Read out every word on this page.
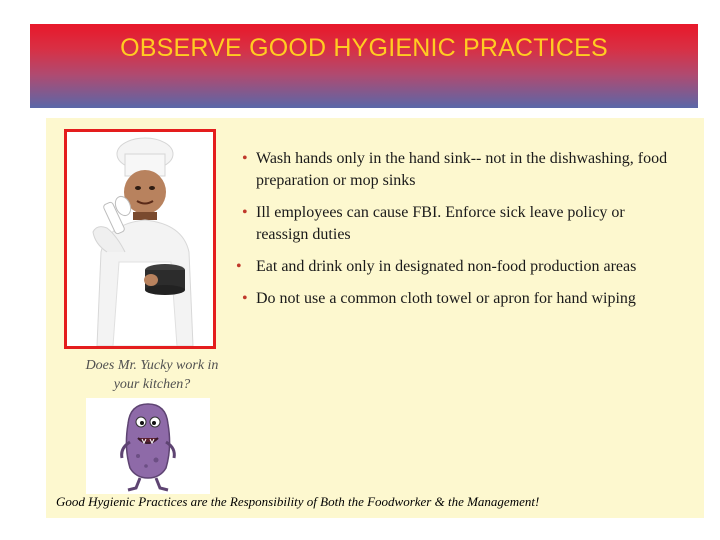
OBSERVE GOOD HYGIENIC PRACTICES
Does Mr. Yucky work in your kitchen?
• Wash hands only in the hand sink-- not in the dishwashing, food preparation or mop sinks
• Ill employees can cause FBI. Enforce sick leave policy or reassign duties
• Eat and drink only in designated non-food production areas
• Do not use a common cloth towel or apron for hand wiping
Good Hygienic Practices are the Responsibility of Both the Foodworker & the Management!
